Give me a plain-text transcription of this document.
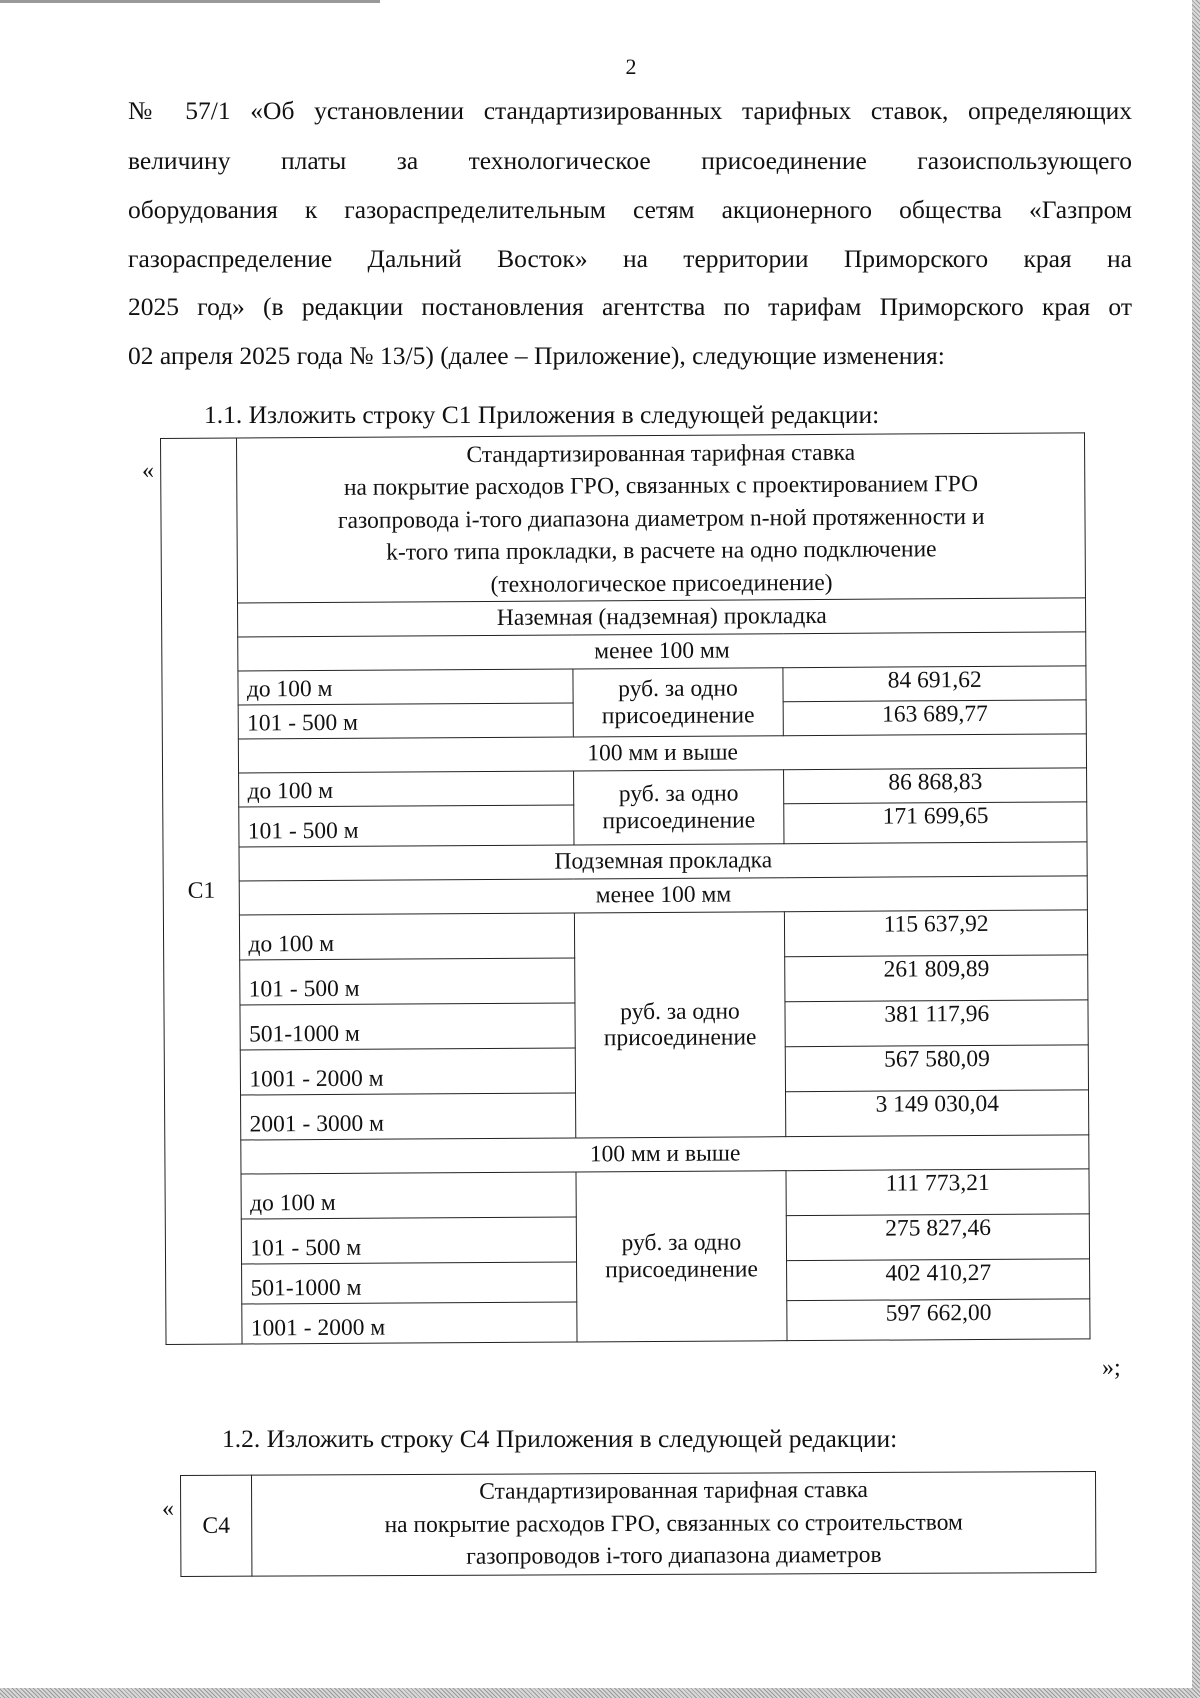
2
№ 57/1 «Об установлении стандартизированных тарифных ставок, определяющих
величину платы за технологическое присоединение газоиспользующего
оборудования к газораспределительным сетям акционерного общества «Газпром
газораспределение Дальний Восток» на территории Приморского края на
2025 год» (в редакции постановления агентства по тарифам Приморского края от
02 апреля 2025 года № 13/5) (далее – Приложение), следующие изменения:
1.1. Изложить строку С1 Приложения в следующей редакции:
«
С1	Стандартизированная тарифная ставка
на покрытие расходов ГРО, связанных с проектированием ГРО
газопровода i-того диапазона диаметром n-ной протяженности и
k-того типа прокладки, в расчете на одно подключение
(технологическое присоединение)		

	Наземная (надземная) прокладка		
	менее 100 мм		
	до 100 м	руб. за одно
присоединение	84 691,62
	101 - 500 м		163 689,77
	100 мм и выше		
	до 100 м	руб. за одно
присоединение	86 868,83
	101 - 500 м		171 699,65
	Подземная прокладка		
	менее 100 мм		
	до 100 м	руб. за одно
присоединение	115 637,92
	101 - 500 м		261 809,89
	501-1000 м		381 117,96
	1001 - 2000 м		567 580,09
	2001 - 3000 м		3 149 030,04
	100 мм и выше		
	до 100 м	руб. за одно
присоединение	111 773,21
	101 - 500 м		275 827,46
	501-1000 м		402 410,27
	1001 - 2000 м		597 662,00
»;
1.2. Изложить строку С4 Приложения в следующей редакции:
«
С4	
Стандартизированная тарифная ставка
на покрытие расходов ГРО, связанных со строительством
газопроводов i-того диапазона диаметров
